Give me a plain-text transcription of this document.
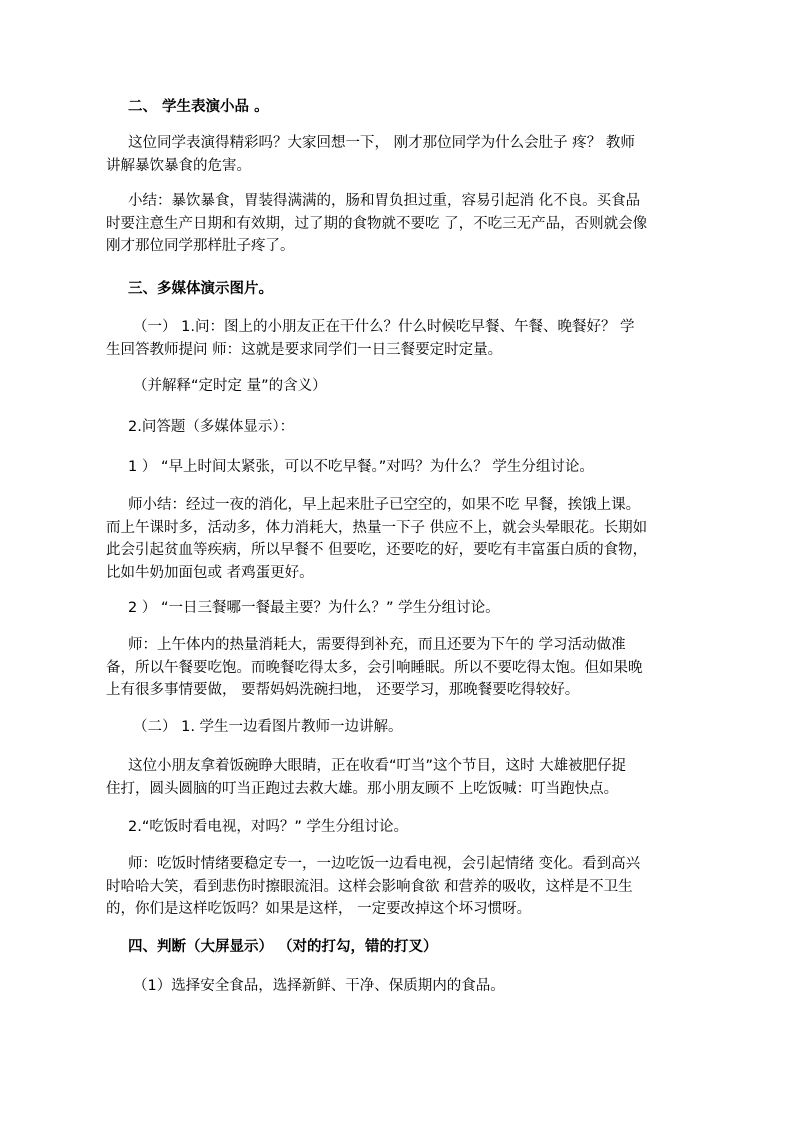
二、 学生表演小品 。
这位同学表演得精彩吗？大家回想一下， 刚才那位同学为什么会肚子 疼？ 教师
讲解暴饮暴食的危害。
小结：暴饮暴食，胃装得满满的，肠和胃负担过重，容易引起消 化不良。买食品
时要注意生产日期和有效期，过了期的食物就不要吃 了，不吃三无产品，否则就会像
刚才那位同学那样肚子疼了。
三、多媒体演示图片。
（一） 1.问：图上的小朋友正在干什么？什么时候吃早餐、午餐、晚餐好？ 学
生回答教师提问 师：这就是要求同学们一日三餐要定时定量。
（并解释“定时定 量”的含义）
2.问答题（多媒体显示）：
1 ） “早上时间太紧张，可以不吃早餐。”对吗？为什么？ 学生分组讨论。
师小结：经过一夜的消化，早上起来肚子已空空的，如果不吃 早餐，挨饿上课。
而上午课时多，活动多，体力消耗大，热量一下子 供应不上，就会头晕眼花。长期如
此会引起贫血等疾病，所以早餐不 但要吃，还要吃的好，要吃有丰富蛋白质的食物，
比如牛奶加面包或 者鸡蛋更好。
2 ） “一日三餐哪一餐最主要？为什么？” 学生分组讨论。
师：上午体内的热量消耗大，需要得到补充，而且还要为下午的 学习活动做准
备，所以午餐要吃饱。而晚餐吃得太多，会引响睡眠。所以不要吃得太饱。但如果晚
上有很多事情要做， 要帮妈妈洗碗扫地， 还要学习，那晚餐要吃得较好。
（二） 1. 学生一边看图片教师一边讲解。
这位小朋友拿着饭碗睁大眼睛，正在收看“叮当”这个节目，这时 大雄被肥仔捉
住打，圆头圆脑的叮当正跑过去救大雄。那小朋友顾不 上吃饭喊：叮当跑快点。
2.“吃饭时看电视，对吗？” 学生分组讨论。
师：吃饭时情绪要稳定专一，一边吃饭一边看电视，会引起情绪 变化。看到高兴
时哈哈大笑，看到悲伤时擦眼流泪。这样会影响食欲 和营养的吸收，这样是不卫生
的，你们是这样吃饭吗？如果是这样， 一定要改掉这个坏习惯呀。
四、判断（大屏显示） （对的打勾，错的打叉）
（1）选择安全食品，选择新鲜、干净、保质期内的食品。
